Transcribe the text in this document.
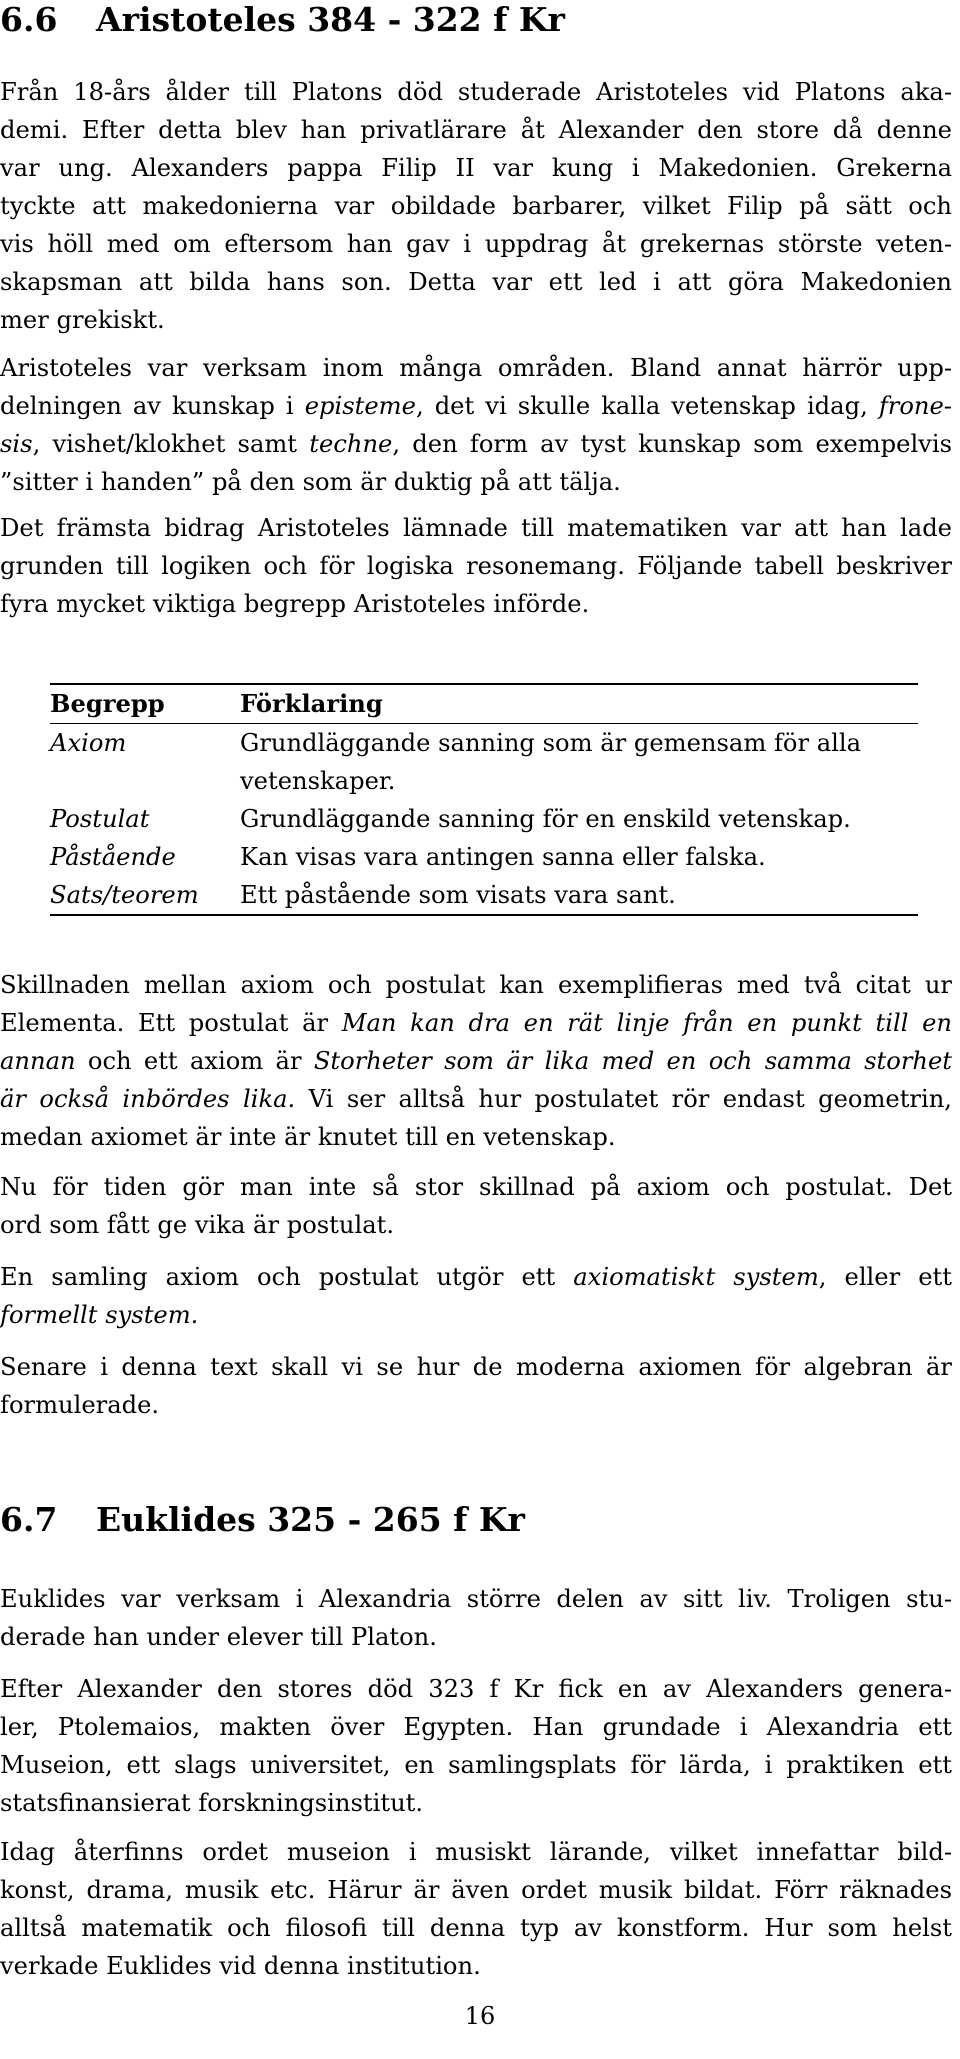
6.6 Aristoteles 384 - 322 f Kr
Från 18-års ålder till Platons död studerade Aristoteles vid Platons aka-
demi. Efter detta blev han privatlärare åt Alexander den store då denne
var ung. Alexanders pappa Filip II var kung i Makedonien. Grekerna
tyckte att makedonierna var obildade barbarer, vilket Filip på sätt och
vis höll med om eftersom han gav i uppdrag åt grekernas störste veten-
skapsman att bilda hans son. Detta var ett led i att göra Makedonien
mer grekiskt.
Aristoteles var verksam inom många områden. Bland annat härrör upp-
delningen av kunskap i episteme, det vi skulle kalla vetenskap idag, frone-
sis, vishet/klokhet samt techne, den form av tyst kunskap som exempelvis
”sitter i handen” på den som är duktig på att tälja.
Det främsta bidrag Aristoteles lämnade till matematiken var att han lade
grunden till logiken och för logiska resonemang. Följande tabell beskriver
fyra mycket viktiga begrepp Aristoteles införde.
Begrepp	Förklaring
Axiom	Grundläggande sanning som är gemensam för alla
vetenskaper.
Postulat	Grundläggande sanning för en enskild vetenskap.
Påstående	Kan visas vara antingen sanna eller falska.
Sats/teorem	Ett påstående som visats vara sant.
Skillnaden mellan axiom och postulat kan exemplifieras med två citat ur
Elementa. Ett postulat är Man kan dra en rät linje från en punkt till en
annan och ett axiom är Storheter som är lika med en och samma storhet
är också inbördes lika. Vi ser alltså hur postulatet rör endast geometrin,
medan axiomet är inte är knutet till en vetenskap.
Nu för tiden gör man inte så stor skillnad på axiom och postulat. Det
ord som fått ge vika är postulat.
En samling axiom och postulat utgör ett axiomatiskt system, eller ett
formellt system.
Senare i denna text skall vi se hur de moderna axiomen för algebran är
formulerade.
6.7 Euklides 325 - 265 f Kr
Euklides var verksam i Alexandria större delen av sitt liv. Troligen stu-
derade han under elever till Platon.
Efter Alexander den stores död 323 f Kr fick en av Alexanders genera-
ler, Ptolemaios, makten över Egypten. Han grundade i Alexandria ett
Museion, ett slags universitet, en samlingsplats för lärda, i praktiken ett
statsfinansierat forskningsinstitut.
Idag återfinns ordet museion i musiskt lärande, vilket innefattar bild-
konst, drama, musik etc. Härur är även ordet musik bildat. Förr räknades
alltså matematik och filosofi till denna typ av konstform. Hur som helst
verkade Euklides vid denna institution.
16
